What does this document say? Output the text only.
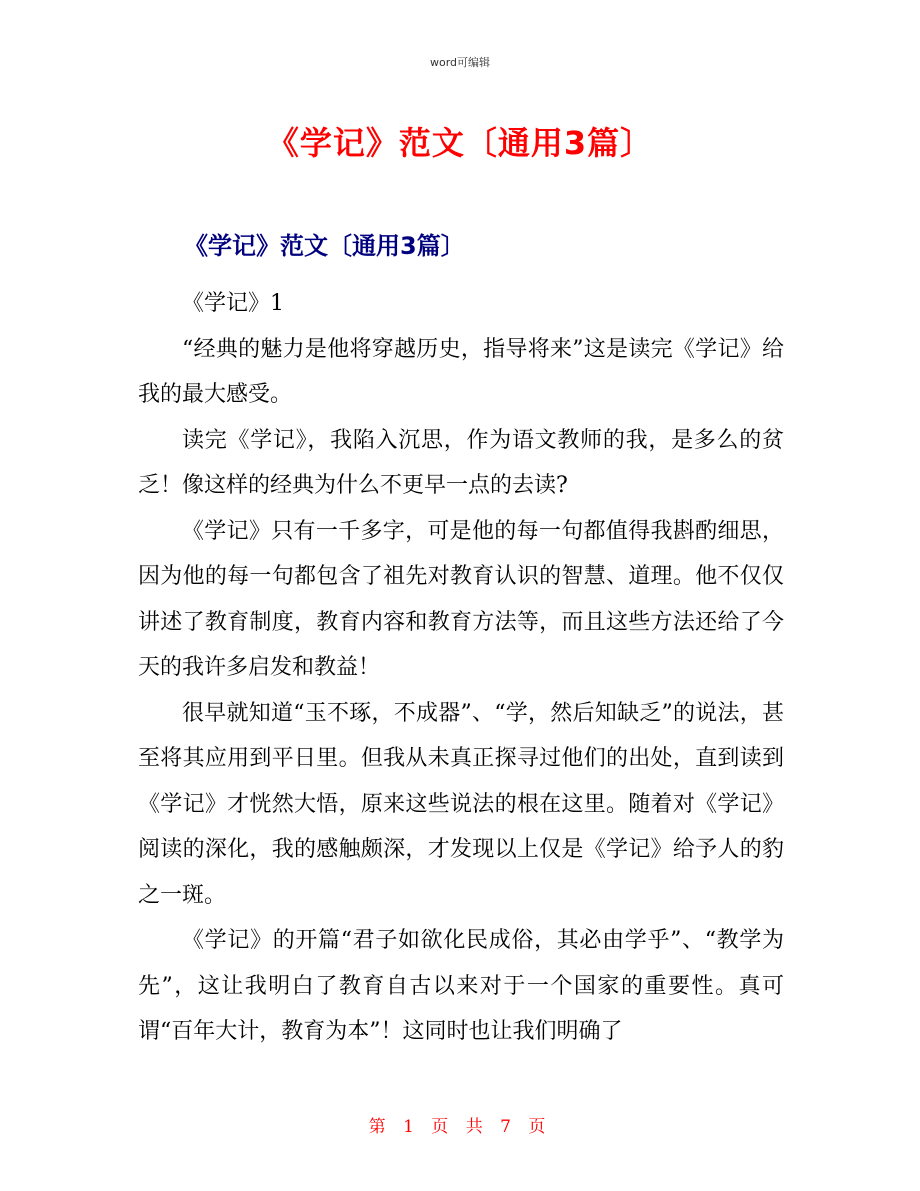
word可编辑
《学记》范文〔通用3篇〕
《学记》范文〔通用3篇〕

《学记》1

“经典的魅力是他将穿越历史，指导将来”这是读完《学记》给我的最大感受。

读完《学记》，我陷入沉思，作为语文教师的我，是多么的贫乏！像这样的经典为什么不更早一点的去读?

《学记》只有一千多字，可是他的每一句都值得我斟酌细思，因为他的每一句都包含了祖先对教育认识的智慧、道理。他不仅仅讲述了教育制度，教育内容和教育方法等，而且这些方法还给了今天的我许多启发和教益！

很早就知道“玉不琢，不成器”、“学，然后知缺乏”的说法，甚至将其应用到平日里。但我从未真正探寻过他们的出处，直到读到《学记》才恍然大悟，原来这些说法的根在这里。随着对《学记》阅读的深化，我的感触颇深，才发现以上仅是《学记》给予人的豹之一斑。

《学记》的开篇“君子如欲化民成俗，其必由学乎”、“教学为先”，这让我明白了教育自古以来对于一个国家的重要性。真可谓“百年大计，教育为本”！这同时也让我们明确了

第 1 页 共 7 页
